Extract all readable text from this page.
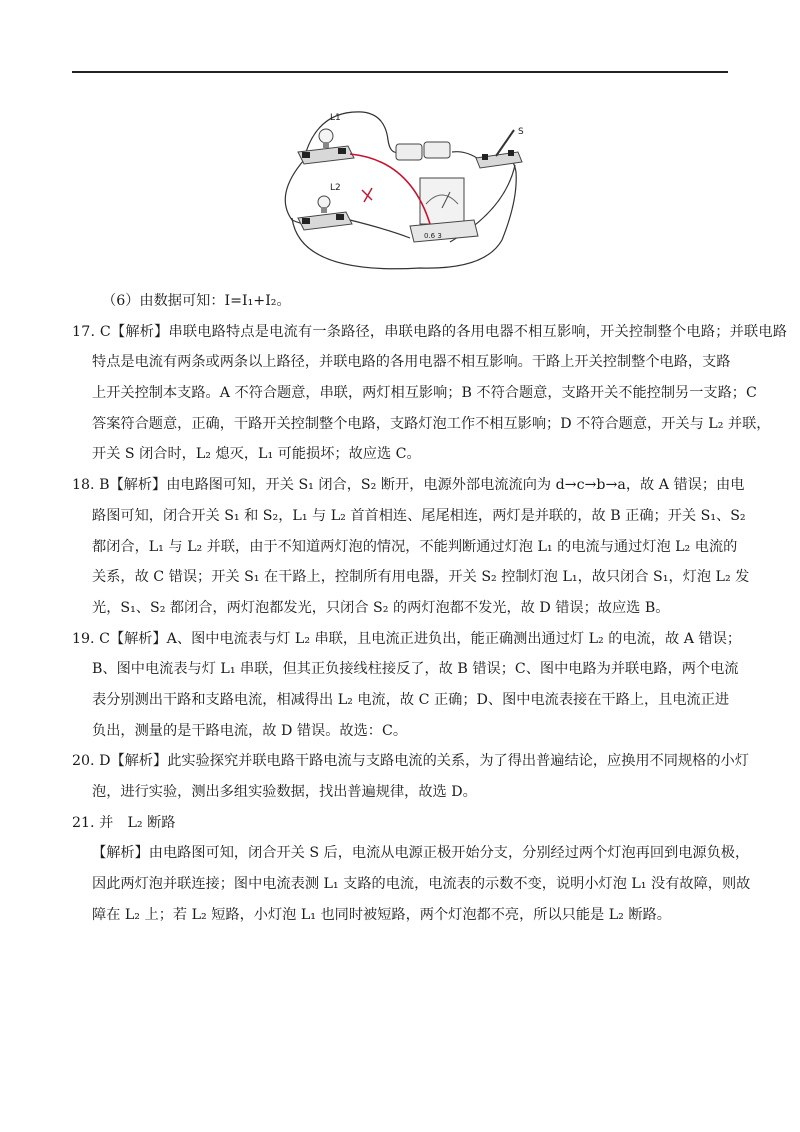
L1
L2
S
0.6 3
（6）由数据可知：I=I₁+I₂。
17. C【解析】串联电路特点是电流有一条路径，串联电路的各用电器不相互影响，开关控制整个电路；并联电路
特点是电流有两条或两条以上路径，并联电路的各用电器不相互影响。干路上开关控制整个电路，支路
上开关控制本支路。A 不符合题意，串联，两灯相互影响；B 不符合题意，支路开关不能控制另一支路；C
答案符合题意，正确，干路开关控制整个电路，支路灯泡工作不相互影响；D 不符合题意，开关与 L₂ 并联，
开关 S 闭合时，L₂ 熄灭，L₁ 可能损坏；故应选 C。
18. B【解析】由电路图可知，开关 S₁ 闭合，S₂ 断开，电源外部电流流向为 d→c→b→a，故 A 错误；由电
路图可知，闭合开关 S₁ 和 S₂，L₁ 与 L₂ 首首相连、尾尾相连，两灯是并联的，故 B 正确；开关 S₁、S₂
都闭合，L₁ 与 L₂ 并联，由于不知道两灯泡的情况，不能判断通过灯泡 L₁ 的电流与通过灯泡 L₂ 电流的
关系，故 C 错误；开关 S₁ 在干路上，控制所有用电器，开关 S₂ 控制灯泡 L₁，故只闭合 S₁，灯泡 L₂ 发
光，S₁、S₂ 都闭合，两灯泡都发光，只闭合 S₂ 的两灯泡都不发光，故 D 错误；故应选 B。
19. C【解析】A、图中电流表与灯 L₂ 串联，且电流正进负出，能正确测出通过灯 L₂ 的电流，故 A 错误；
B、图中电流表与灯 L₁ 串联，但其正负接线柱接反了，故 B 错误；C、图中电路为并联电路，两个电流
表分别测出干路和支路电流，相减得出 L₂ 电流，故 C 正确；D、图中电流表接在干路上，且电流正进
负出，测量的是干路电流，故 D 错误。故选：C。
20. D【解析】此实验探究并联电路干路电流与支路电流的关系，为了得出普遍结论，应换用不同规格的小灯
泡，进行实验，测出多组实验数据，找出普遍规律，故选 D。
21. 并　L₂ 断路
【解析】由电路图可知，闭合开关 S 后，电流从电源正极开始分支，分别经过两个灯泡再回到电源负极，
因此两灯泡并联连接；图中电流表测 L₁ 支路的电流，电流表的示数不变，说明小灯泡 L₁ 没有故障，则故
障在 L₂ 上；若 L₂ 短路，小灯泡 L₁ 也同时被短路，两个灯泡都不亮，所以只能是 L₂ 断路。
